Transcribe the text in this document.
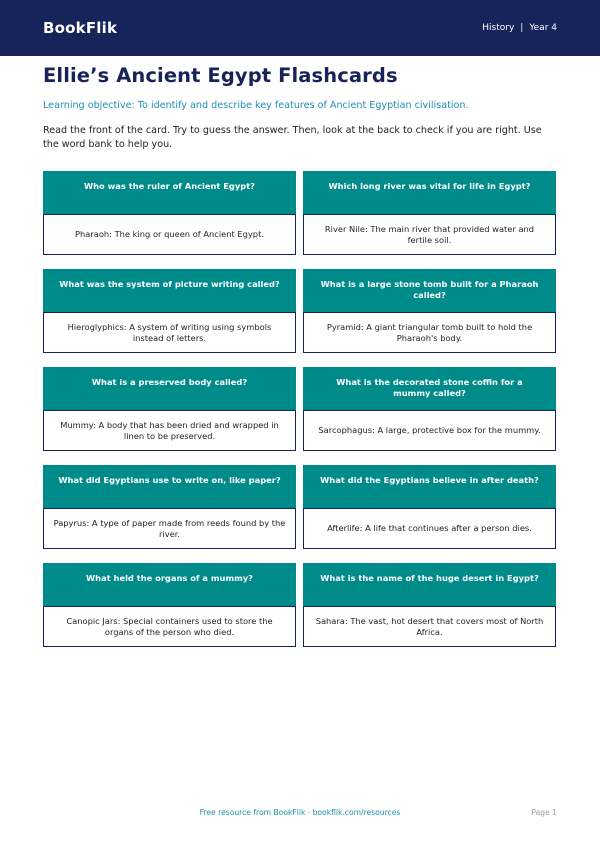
BookFlik	History | Year 4
Ellie’s Ancient Egypt Flashcards

Learning objective: To identify and describe key features of Ancient Egyptian civilisation.

Read the front of the card. Try to guess the answer. Then, look at the back to check if you are right. Use the word bank to help you.

Who was the ruler of Ancient Egypt?
Pharaoh: The king or queen of Ancient Egypt.
Which long river was vital for life in Egypt?
River Nile: The main river that provided water and fertile soil.
What was the system of picture writing called?
Hieroglyphics: A system of writing using symbols instead of letters.
What is a large stone tomb built for a Pharaoh called?
Pyramid: A giant triangular tomb built to hold the Pharaoh's body.
What is a preserved body called?
Mummy: A body that has been dried and wrapped in linen to be preserved.
What is the decorated stone coffin for a mummy called?
Sarcophagus: A large, protective box for the mummy.
What did Egyptians use to write on, like paper?
Papyrus: A type of paper made from reeds found by the river.
What did the Egyptians believe in after death?
Afterlife: A life that continues after a person dies.
What held the organs of a mummy?
Canopic Jars: Special containers used to store the organs of the person who died.
What is the name of the huge desert in Egypt?
Sahara: The vast, hot desert that covers most of North Africa.
Free resource from BookFlik · bookflik.com/resources	Page 1
